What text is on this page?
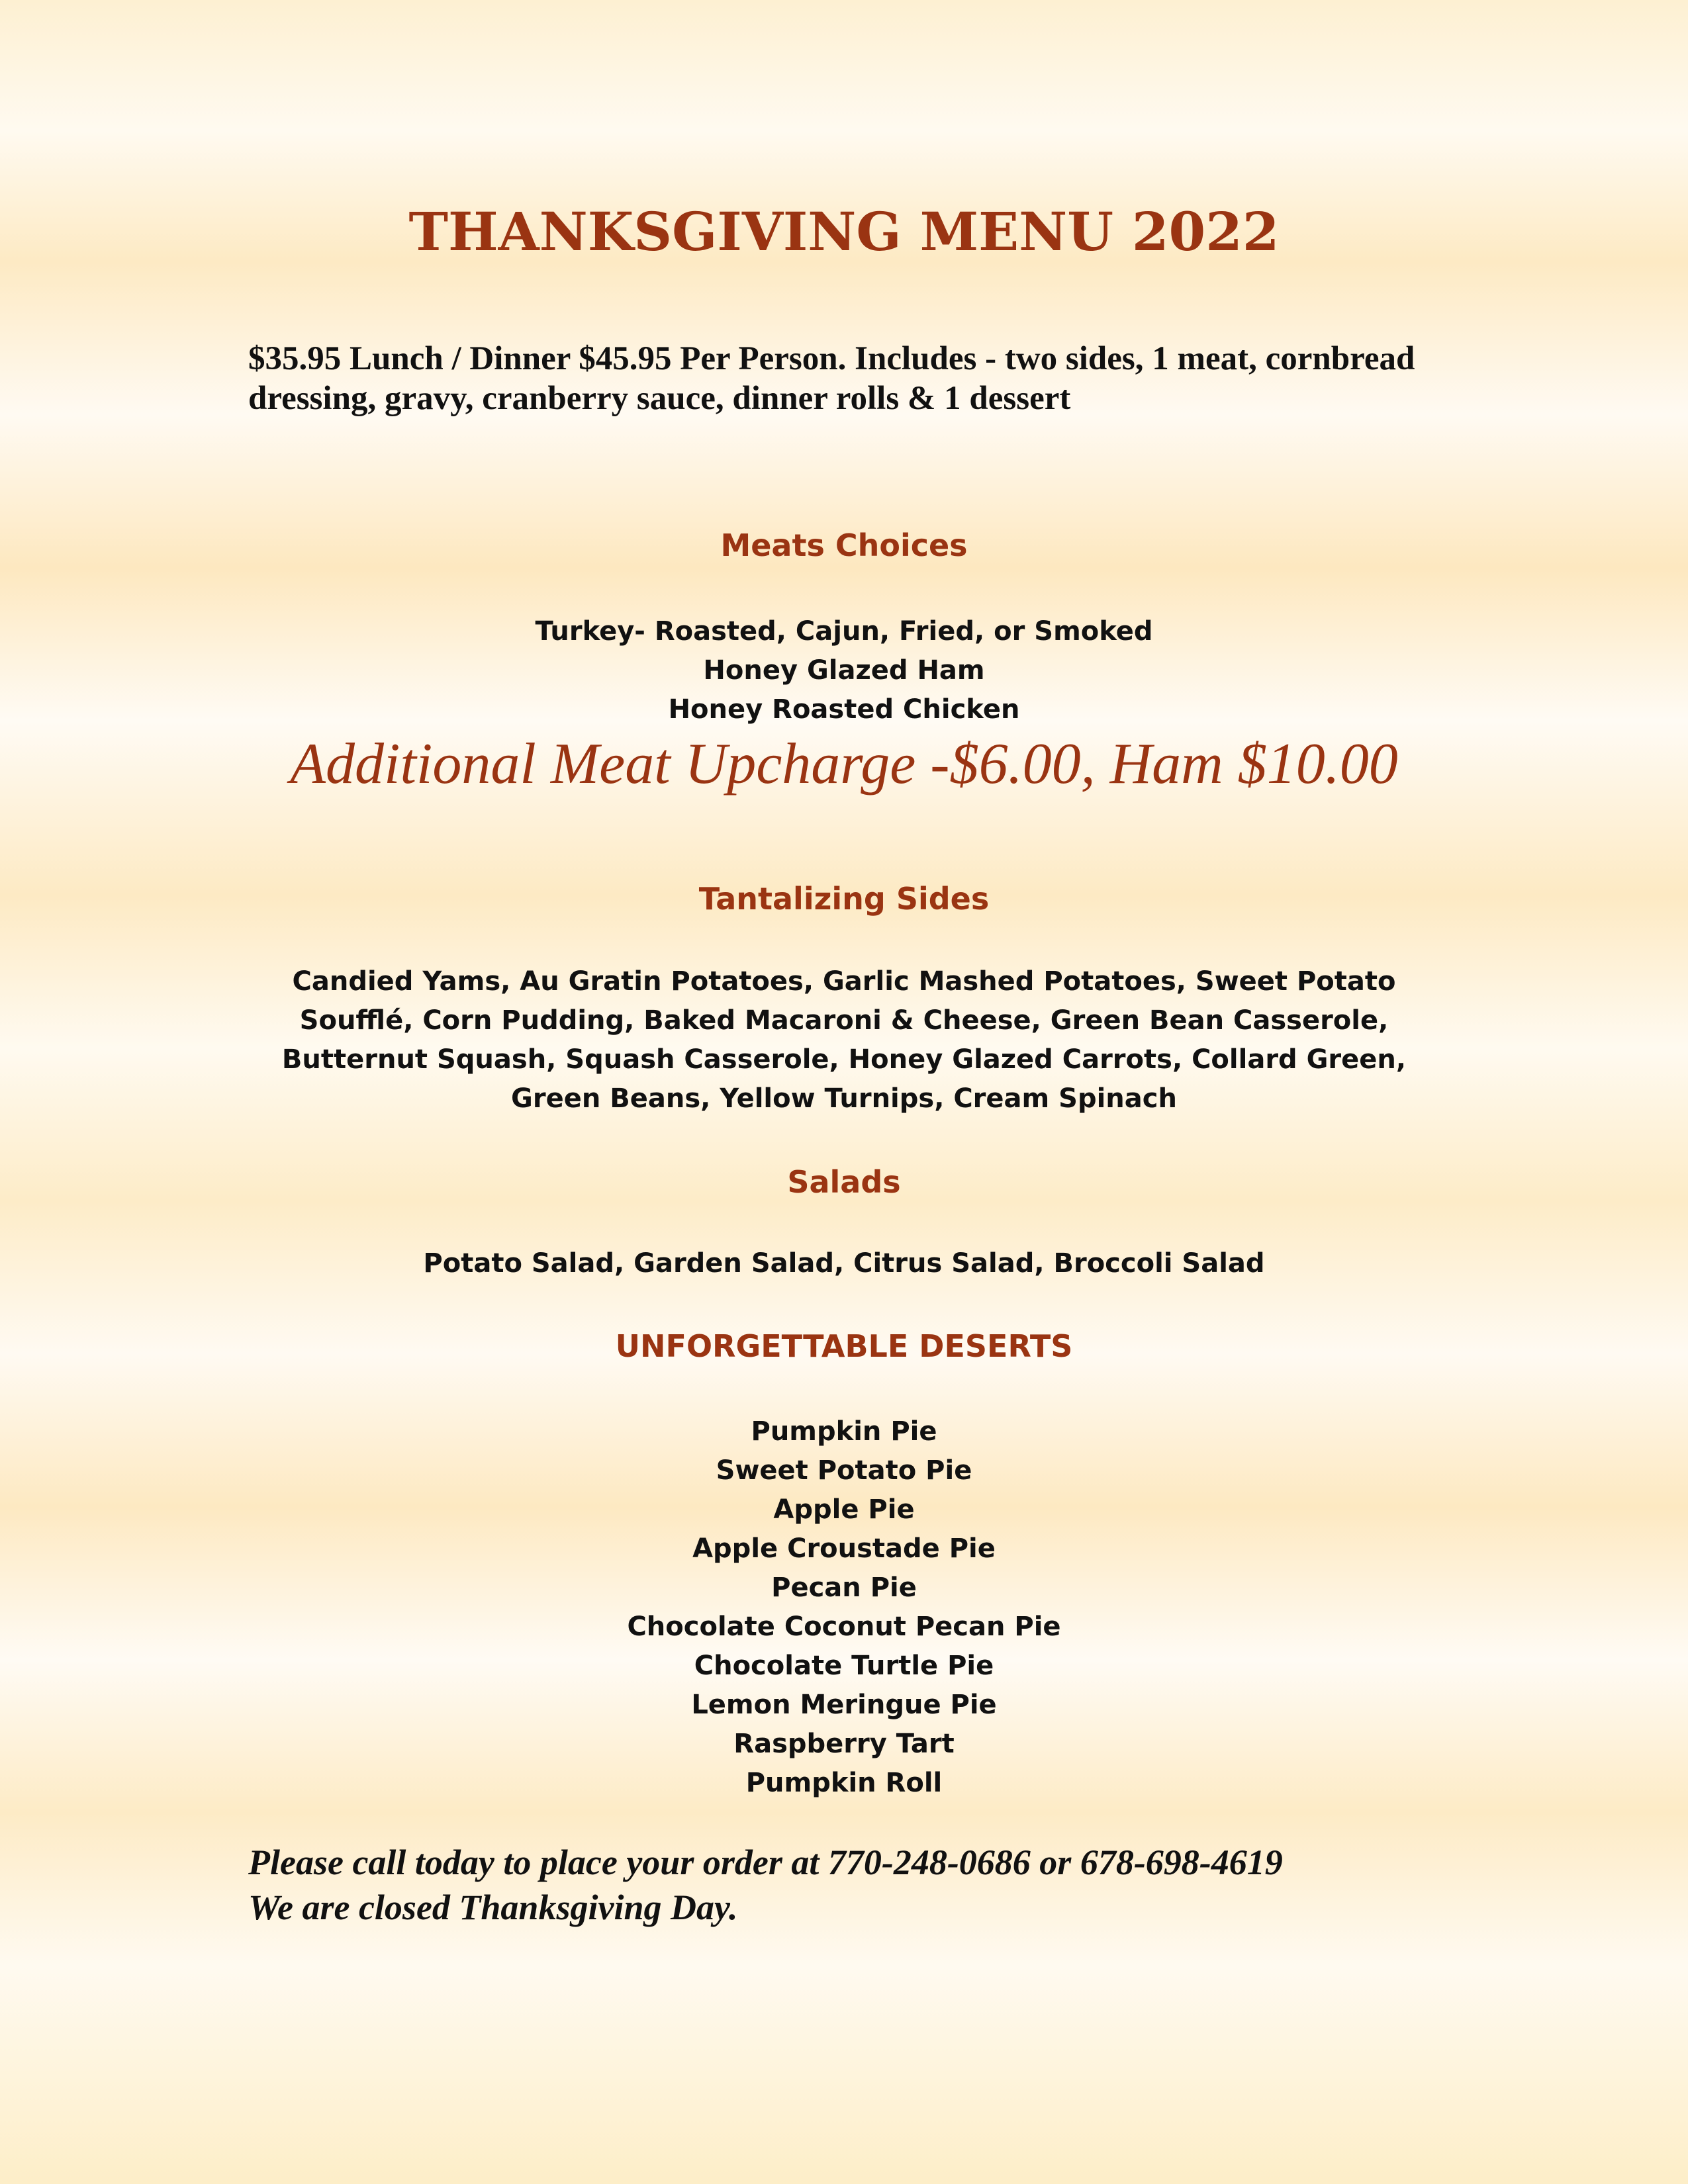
THANKSGIVING MENU 2022

$35.95 Lunch / Dinner $45.95 Per Person. Includes - two sides, 1 meat, cornbread dressing, gravy, cranberry sauce, dinner rolls & 1 dessert

Meats Choices
Turkey- Roasted, Cajun, Fried, or Smoked
Honey Glazed Ham
Honey Roasted Chicken

Additional Meat Upcharge -$6.00, Ham $10.00

Tantalizing Sides

Candied Yams, Au Gratin Potatoes, Garlic Mashed Potatoes, Sweet Potato Soufflé, Corn Pudding, Baked Macaroni & Cheese, Green Bean Casserole, Butternut Squash, Squash Casserole, Honey Glazed Carrots, Collard Green, Green Beans, Yellow Turnips, Cream Spinach

Salads

Potato Salad, Garden Salad, Citrus Salad, Broccoli Salad

UNFORGETTABLE DESERTS
Pumpkin Pie
Sweet Potato Pie
Apple Pie
Apple Croustade Pie
Pecan Pie
Chocolate Coconut Pecan Pie
Chocolate Turtle Pie
Lemon Meringue Pie
Raspberry Tart
Pumpkin Roll

Please call today to place your order at 770-248-0686 or 678-698-4619
We are closed Thanksgiving Day.
